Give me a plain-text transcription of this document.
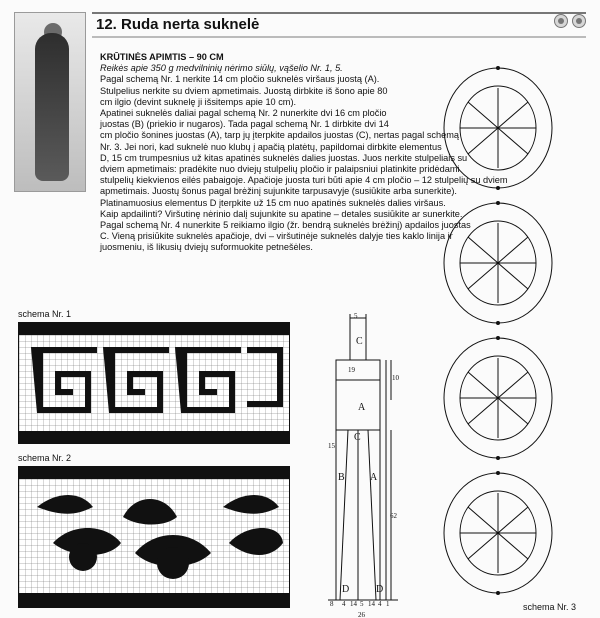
12. Ruda nerta suknelė
KRŪTINĖS APIMTIS – 90 CM
Reikės apie 350 g medvilninių nėrimo siūlų, vąšelio Nr. 1, 5.
Pagal schemą Nr. 1 nerkite 14 cm pločio suknelės viršaus juostą (A).
Stulpelius nerkite su dviem apmetimais. Juostą dirbkite iš šono apie 80
cm ilgio (devint suknelę ji išsitemps apie 10 cm).
Apatinei suknelės daliai pagal schemą Nr. 2 nunerkite dvi 16 cm pločio
juostas (B) (priekio ir nugaros). Tada pagal schemą Nr. 1 dirbkite dvi 14
cm pločio šonines juostas (A), tarp jų įterpkite apdailos juostas (C), nertas pagal schemą
Nr. 3. Jei nori, kad suknelė nuo klubų į apačią platėtų, papildomai dirbkite elementus
D, 15 cm trumpesnius už kitas apatinės suknelės dalies juostas. Juos nerkite stulpeliais su
dviem apmetimais: pradėkite nuo dviejų stulpelių pločio ir palaipsniui platinkite pridėdami
stulpelių kiekvienos eilės pabaigoje. Apačioje juosta turi būti apie 4 cm pločio – 12 stulpelių su dviem
apmetimais. Juostų šonus pagal brėžinį sujunkite tarpusavyje (susiūkite arba sunerkite).
Platinamuosius elementus D įterpkite už 15 cm nuo apatinės suknelės dalies viršaus.
Kaip apdailinti? Viršutinę nėrinio dalį sujunkite su apatine – detales susiūkite ar sunerkite.
Pagal schemą Nr. 4 nunerkite 5 reikiamo ilgio (žr. bendrą suknelės brėžinį) apdailos juostas
C. Vieną prisiūkite suknelės apačioje, dvi – viršutinėje suknelės dalyje ties kaklo linija ir
juosmeniu, iš likusių dviejų suformuokite petnešėles.
schema Nr. 1
schema Nr. 2
C
A
B	A
C
D	D
5
19
10
15
62
8 4 14 5 14 4 1
26
schema Nr. 3
